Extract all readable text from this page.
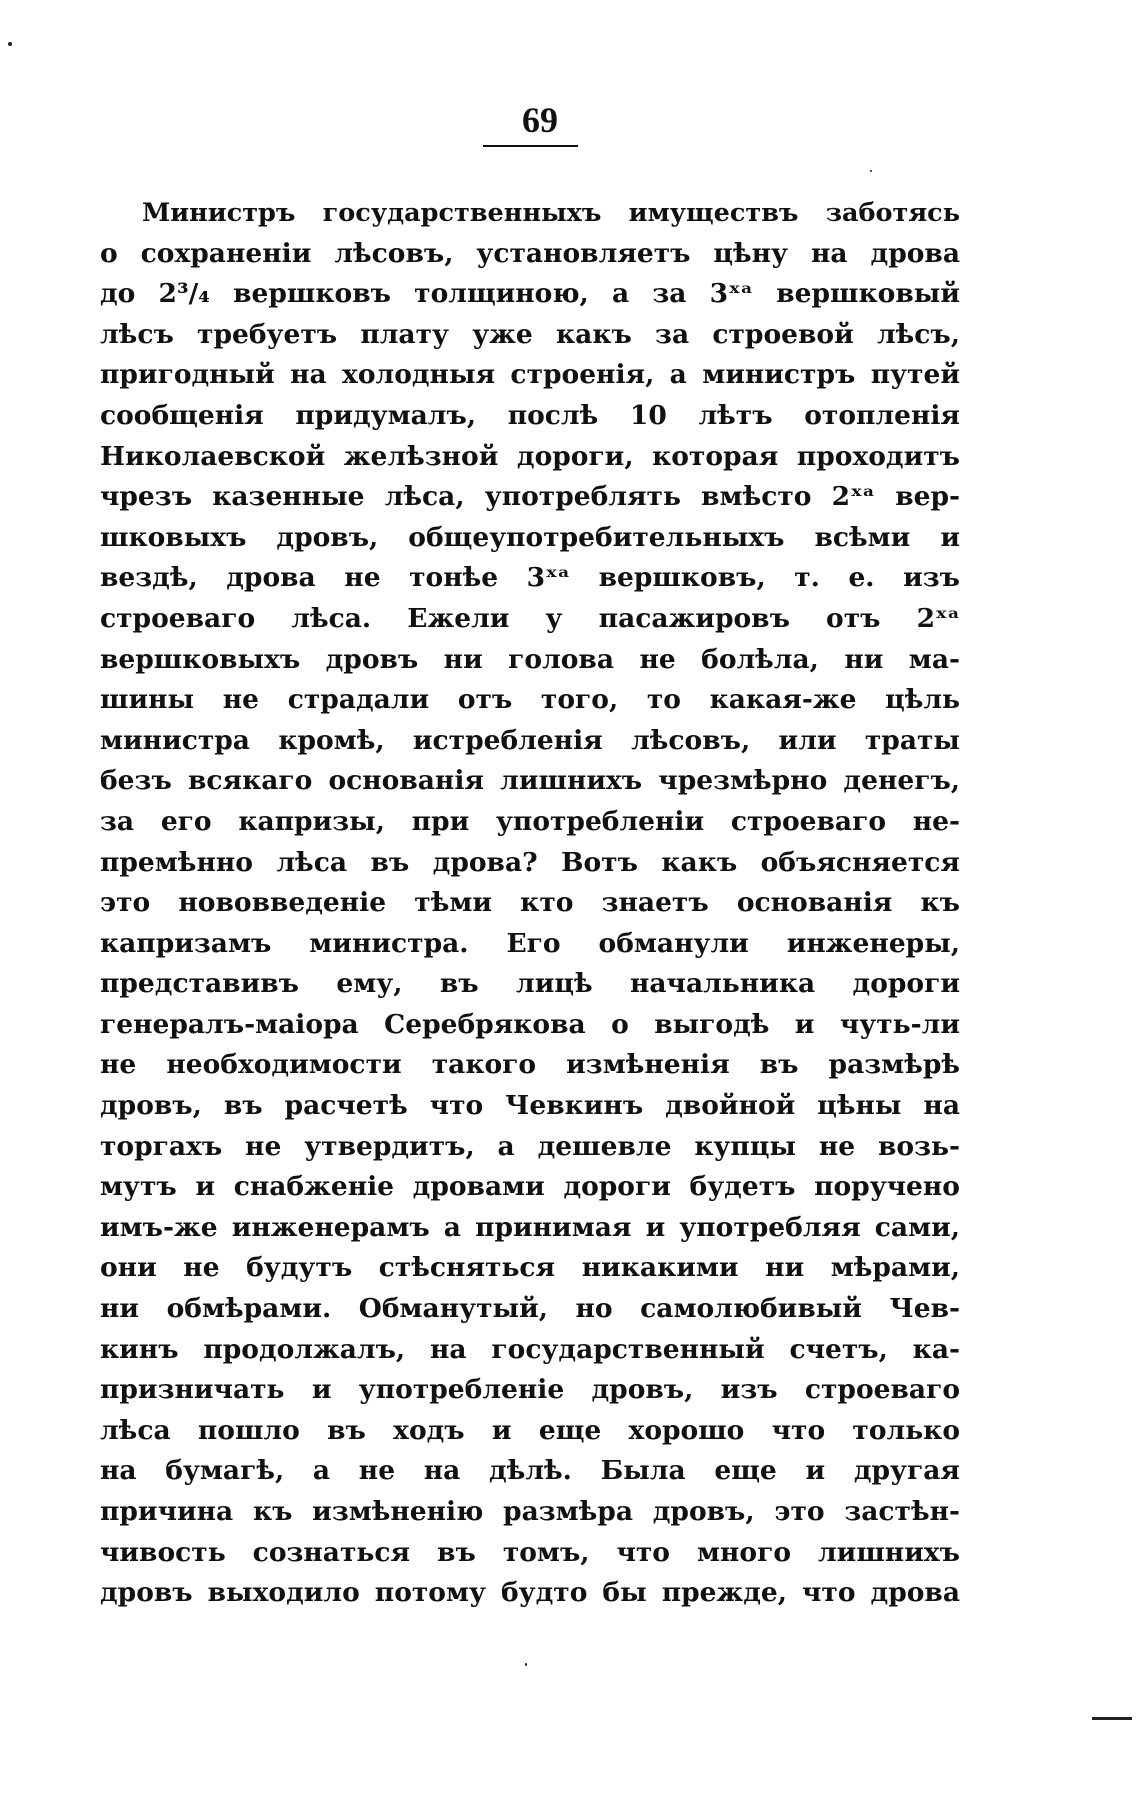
69
Министръ государственныхъ имуществъ заботясь
о сохраненіи лѣсовъ, установляетъ цѣну на дрова
до 2³/₄ вершковъ толщиною, а за 3ˣᵃ вершковый
лѣсъ требуетъ плату уже какъ за строевой лѣсъ,
пригодный на холодныя строенія, а министръ путей
сообщенія придумалъ, послѣ 10 лѣтъ отопленія
Николаевской желѣзной дороги, которая проходитъ
чрезъ казенные лѣса, употреблять вмѣсто 2ˣᵃ вер-
шковыхъ дровъ, общеупотребительныхъ всѣми и
вездѣ, дрова не тонѣе 3ˣᵃ вершковъ, т. е. изъ
строеваго лѣса. Ежели у пасажировъ отъ 2ˣᵃ
вершковыхъ дровъ ни голова не болѣла, ни ма-
шины не страдали отъ того, то какая-же цѣль
министра кромѣ, истребленія лѣсовъ, или траты
безъ всякаго основанія лишнихъ чрезмѣрно денегъ,
за его капризы, при употребленіи строеваго не-
премѣнно лѣса въ дрова? Вотъ какъ объясняется
это нововведеніе тѣми кто знаетъ основанія къ
капризамъ министра. Его обманули инженеры,
представивъ ему, въ лицѣ начальника дороги
генералъ-маіора Серебрякова о выгодѣ и чуть-ли
не необходимости такого измѣненія въ размѣрѣ
дровъ, въ расчетѣ что Чевкинъ двойной цѣны на
торгахъ не утвердитъ, а дешевле купцы не возь-
мутъ и снабженіе дровами дороги будетъ поручено
имъ-же инженерамъ а принимая и употребляя сами,
они не будутъ стѣсняться никакими ни мѣрами,
ни обмѣрами. Обманутый, но самолюбивый Чев-
кинъ продолжалъ, на государственный счетъ, ка-
призничать и употребленіе дровъ, изъ строеваго
лѣса пошло въ ходъ и еще хорошо что только
на бумагѣ, а не на дѣлѣ. Была еще и другая
причина къ измѣненію размѣра дровъ, это застѣн-
чивость сознаться въ томъ, что много лишнихъ
дровъ выходило потому будто бы прежде, что дрова
